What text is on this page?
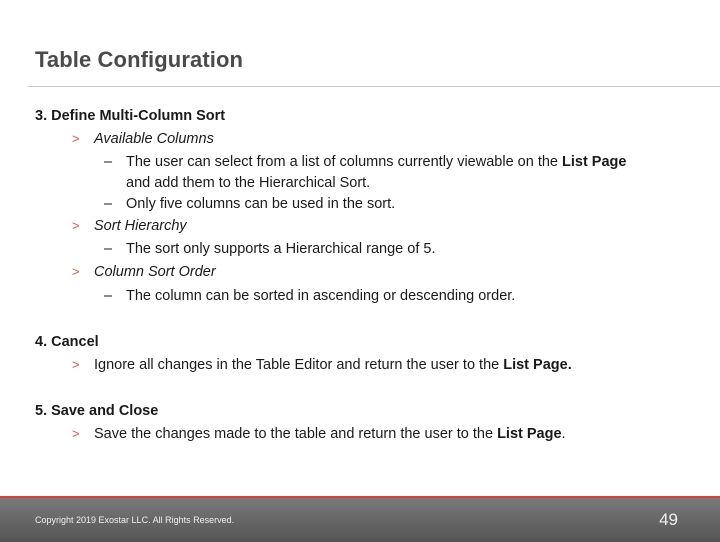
Table Configuration
3. Define Multi-Column Sort
> Available Columns
– The user can select from a list of columns currently viewable on the List Page
and add them to the Hierarchical Sort.
– Only five columns can be used in the sort.
> Sort Hierarchy
– The sort only supports a Hierarchical range of 5.
> Column Sort Order
– The column can be sorted in ascending or descending order.
4. Cancel
> Ignore all changes in the Table Editor and return the user to the
List Page.
5. Save and Close
> Save the changes made to the table and return the user to the
List Page .
Copyright 2019 Exostar LLC. All Rights Reserved.	49
